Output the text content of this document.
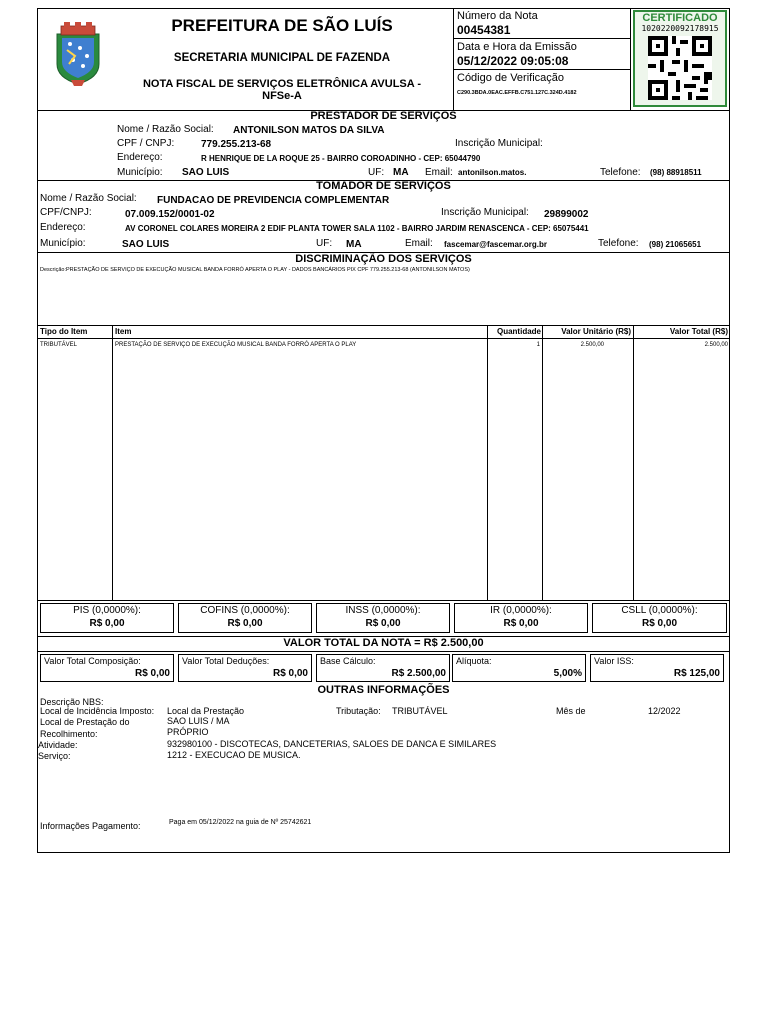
PREFEITURA DE SÃO LUÍS
SECRETARIA MUNICIPAL DE FAZENDA
NOTA FISCAL DE SERVIÇOS ELETRÔNICA AVULSA -
NFSe-A
Número da Nota
00454381
Data e Hora da Emissão
05/12/2022 09:05:08
Código de Verificação
C290.3BDA.0EAC.EFFB.C751.127C.324D.4182
CERTIFICADO
1020220092178915
PRESTADOR DE SERVIÇOS
Nome / Razão Social: ANTONILSON MATOS DA SILVA
CPF / CNPJ:	779.255.213-68	Inscrição Municipal:
Endereço:	R HENRIQUE DE LA ROQUE 25 - BAIRRO COROADINHO - CEP: 65044790
Município: SAO LUIS	UF: MA Email: antonilson.matos.	Telefone: (98) 88918511
TOMADOR DE SERVIÇOS
Nome / Razão Social: FUNDACAO DE PREVIDENCIA COMPLEMENTAR
CPF/CNPJ:	07.009.152/0001-02	Inscrição Municipal: 29899002
Endereço:	AV CORONEL COLARES MOREIRA 2 EDIF PLANTA TOWER SALA 1102 - BAIRRO JARDIM RENASCENCA - CEP: 65075441
Município:	SAO LUIS	UF: MA	Email: fascemar@fascemar.org.br	Telefone: (98) 21065651
DISCRIMINAÇÃO DOS SERVIÇOS
Descrição:PRESTAÇÃO DE SERVIÇO DE EXECUÇÃO MUSICAL BANDA FORRÓ APERTA O PLAY - DADOS BANCÁRIOS PIX CPF 779.255.213-68 (ANTONILSON MATOS)
Tipo do Item	Item	Quantidade	Valor Unitário (R$)	Valor Total (R$)
TRIBUTÁVEL	PRESTAÇÃO DE SERVIÇO DE EXECUÇÃO MUSICAL BANDA FORRÓ APERTA O PLAY	1	2.500,00	2.500,00
PIS (0,0000%):
R$ 0,00
COFINS (0,0000%):
R$ 0,00
INSS (0,0000%):
R$ 0,00
IR (0,0000%):
R$ 0,00
CSLL (0,0000%):
R$ 0,00
VALOR TOTAL DA NOTA = R$ 2.500,00
Valor Total Composição:
R$ 0,00
Valor Total Deduções:
R$ 0,00
Base Cálculo:
R$ 2.500,00
Alíquota:
5,00%
Valor ISS:
R$ 125,00
OUTRAS INFORMAÇÕES
Descrição NBS:
Local de Incidência Imposto: Local da Prestação	Tributação: TRIBUTÁVEL	Mês de	12/2022
Local de Prestação do	SAO LUIS / MA
Recolhimento:	PRÓPRIO
Atividade:	932980100 - DISCOTECAS, DANCETERIAS, SALOES DE DANCA E SIMILARES
Serviço:	1212 - EXECUCAO DE MUSICA.
Informações Pagamento:	Paga em 05/12/2022 na guia de Nº 25742621
